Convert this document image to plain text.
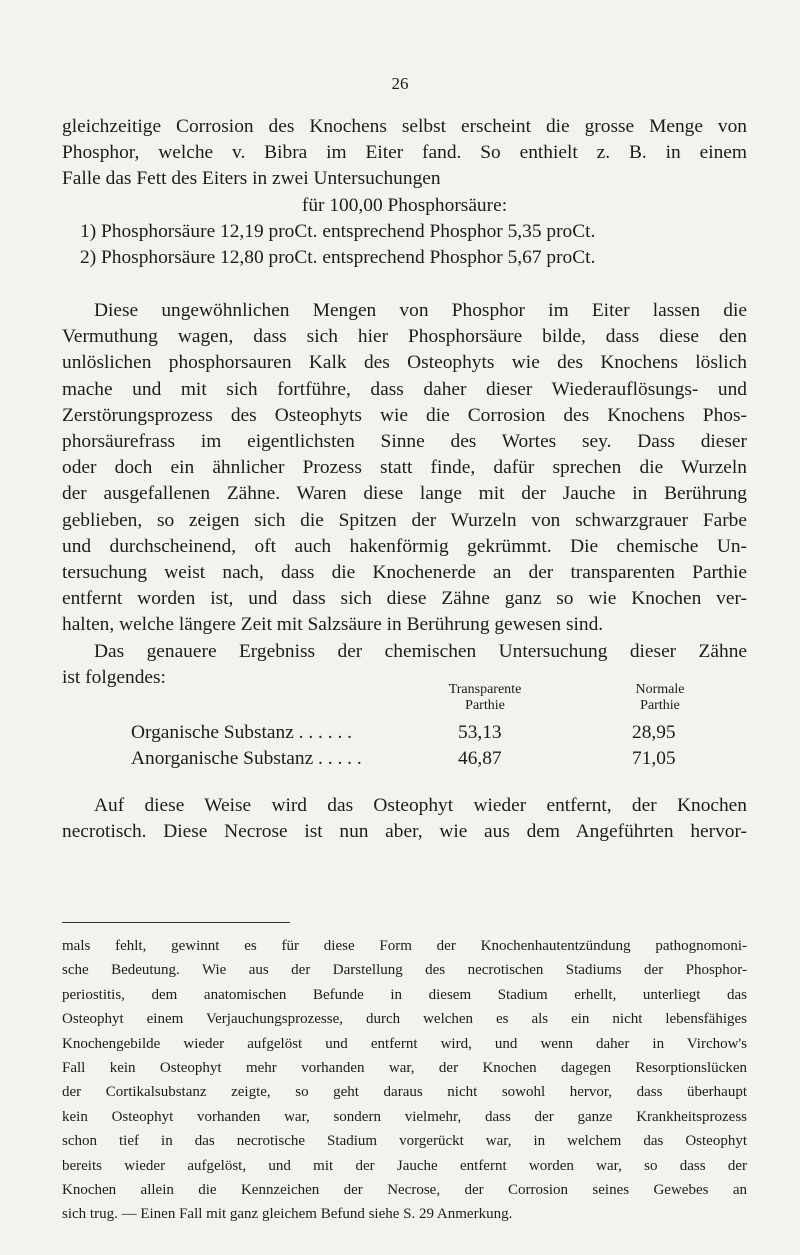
26
gleichzeitige Corrosion des Knochens selbst erscheint die grosse Menge von
Phosphor, welche v. Bibra im Eiter fand. So enthielt z. B. in einem
Falle das Fett des Eiters in zwei Untersuchungen
für 100,00 Phosphorsäure:
1) Phosphorsäure 12,19 proCt. entsprechend Phosphor 5,35 proCt.
2) Phosphorsäure 12,80 proCt. entsprechend Phosphor 5,67 proCt.
Diese ungewöhnlichen Mengen von Phosphor im Eiter lassen die
Vermuthung wagen, dass sich hier Phosphorsäure bilde, dass diese den
unlöslichen phosphorsauren Kalk des Osteophyts wie des Knochens löslich
mache und mit sich fortführe, dass daher dieser Wiederauflösungs- und
Zerstörungsprozess des Osteophyts wie die Corrosion des Knochens Phos-
phorsäurefrass im eigentlichsten Sinne des Wortes sey. Dass dieser
oder doch ein ähnlicher Prozess statt finde, dafür sprechen die Wurzeln
der ausgefallenen Zähne. Waren diese lange mit der Jauche in Berührung
geblieben, so zeigen sich die Spitzen der Wurzeln von schwarzgrauer Farbe
und durchscheinend, oft auch hakenförmig gekrümmt. Die chemische Un-
tersuchung weist nach, dass die Knochenerde an der transparenten Parthie
entfernt worden ist, und dass sich diese Zähne ganz so wie Knochen ver-
halten, welche längere Zeit mit Salzsäure in Berührung gewesen sind.
Das genauere Ergebniss der chemischen Untersuchung dieser Zähne
ist folgendes:
Transparente
Parthie
Normale
Parthie
Organische Substanz . . . . . .	53,13	28,95
Anorganische Substanz . . . . .	46,87	71,05
Auf diese Weise wird das Osteophyt wieder entfernt, der Knochen
necrotisch. Diese Necrose ist nun aber, wie aus dem Angeführten hervor-
mals fehlt, gewinnt es für diese Form der Knochenhautentzündung pathognomoni-
sche Bedeutung. Wie aus der Darstellung des necrotischen Stadiums der Phosphor-
periostitis, dem anatomischen Befunde in diesem Stadium erhellt, unterliegt das
Osteophyt einem Verjauchungsprozesse, durch welchen es als ein nicht lebensfähiges
Knochengebilde wieder aufgelöst und entfernt wird, und wenn daher in Virchow's
Fall kein Osteophyt mehr vorhanden war, der Knochen dagegen Resorptionslücken
der Cortikalsubstanz zeigte, so geht daraus nicht sowohl hervor, dass überhaupt
kein Osteophyt vorhanden war, sondern vielmehr, dass der ganze Krankheitsprozess
schon tief in das necrotische Stadium vorgerückt war, in welchem das Osteophyt
bereits wieder aufgelöst, und mit der Jauche entfernt worden war, so dass der
Knochen allein die Kennzeichen der Necrose, der Corrosion seines Gewebes an
sich trug. — Einen Fall mit ganz gleichem Befund siehe S. 29 Anmerkung.
